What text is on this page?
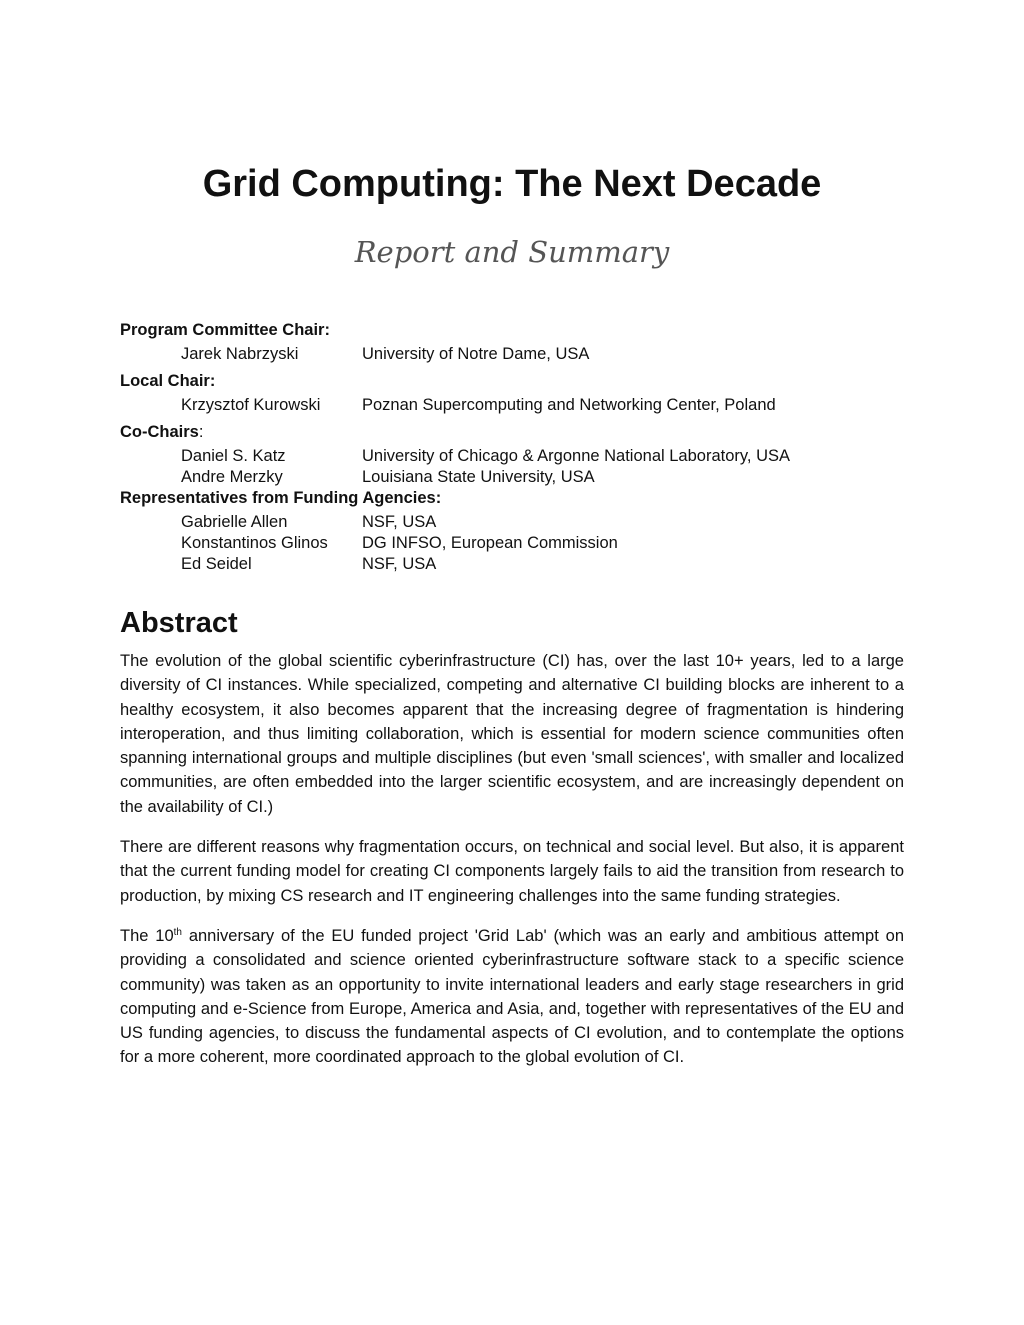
Grid Computing: The Next Decade
Report and Summary
Program Committee Chair:
Jarek Nabrzyski	University of Notre Dame, USA
Local Chair:
Krzysztof Kurowski	Poznan Supercomputing and Networking Center, Poland
Co-Chairs:
Daniel S. Katz	University of Chicago & Argonne National Laboratory, USA
Andre Merzky	Louisiana State University, USA
Representatives from Funding Agencies:
Gabrielle Allen	NSF, USA
Konstantinos Glinos	DG INFSO, European Commission
Ed Seidel	NSF, USA
Abstract

The evolution of the global scientific cyberinfrastructure (CI) has, over the last 10+ years, led to a large diversity of CI instances. While specialized, competing and alternative CI building blocks are inherent to a healthy ecosystem, it also becomes apparent that the increasing degree of fragmentation is hindering interoperation, and thus limiting collaboration, which is essential for modern science communities often spanning international groups and multiple disciplines (but even 'small sciences', with smaller and localized communities, are often embedded into the larger scientific ecosystem, and are increasingly dependent on the availability of CI.)

There are different reasons why fragmentation occurs, on technical and social level. But also, it is apparent that the current funding model for creating CI components largely fails to aid the transition from research to production, by mixing CS research and IT engineering challenges into the same funding strategies.

The 10th anniversary of the EU funded project 'Grid Lab' (which was an early and ambitious attempt on providing a consolidated and science oriented cyberinfrastructure software stack to a specific science community) was taken as an opportunity to invite international leaders and early stage researchers in grid computing and e-Science from Europe, America and Asia, and, together with representatives of the EU and US funding agencies, to discuss the fundamental aspects of CI evolution, and to contemplate the options for a more coherent, more coordinated approach to the global evolution of CI.
